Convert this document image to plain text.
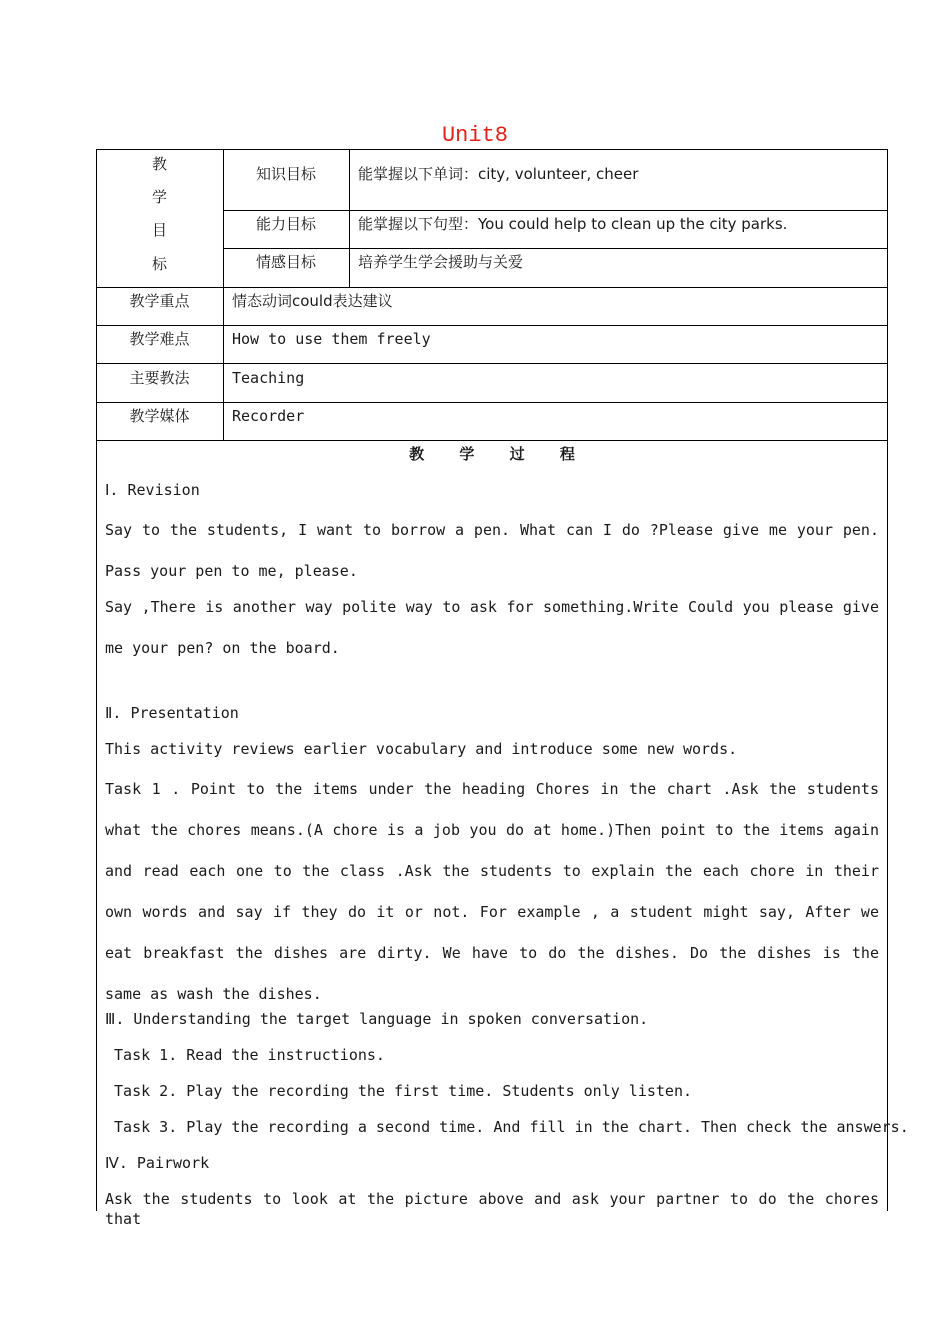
Unit8
教
学
目
标
知识目标	能掌握以下单词：city, volunteer, cheer
能力目标	能掌握以下句型：You could help to clean up the city parks.
情感目标	培养学生学会援助与关爱
教学重点	情态动词could表达建议
教学难点	How to use them freely
主要教法	Teaching
教学媒体	Recorder
教 学 过 程
Ⅰ. Revision
Say to the students, I want to borrow a pen. What can I do ?Please give me your pen. Pass your pen to me, please.
Say ,There is another way polite way to ask for something.Write Could you please give me your pen? on the board.
Ⅱ. Presentation
This activity reviews earlier vocabulary and introduce some new words.
Task 1 . Point to the items under the heading Chores in the chart .Ask the students what the chores means.(A chore is a job you do at home.)Then point to the items again and read each one to the class .Ask the students to explain the each chore in their own words and say if they do it or not. For example , a student might say, After we eat breakfast the dishes are dirty. We have to do the dishes. Do the dishes is the same as wash the dishes.
Ⅲ. Understanding the target language in spoken conversation.
Task 1. Read the instructions.
Task 2. Play the recording the first time. Students only listen.
Task 3. Play the recording a second time. And fill in the chart. Then check the answers.
Ⅳ. Pairwork
Ask the students to look at the picture above and ask your partner to do the chores that
